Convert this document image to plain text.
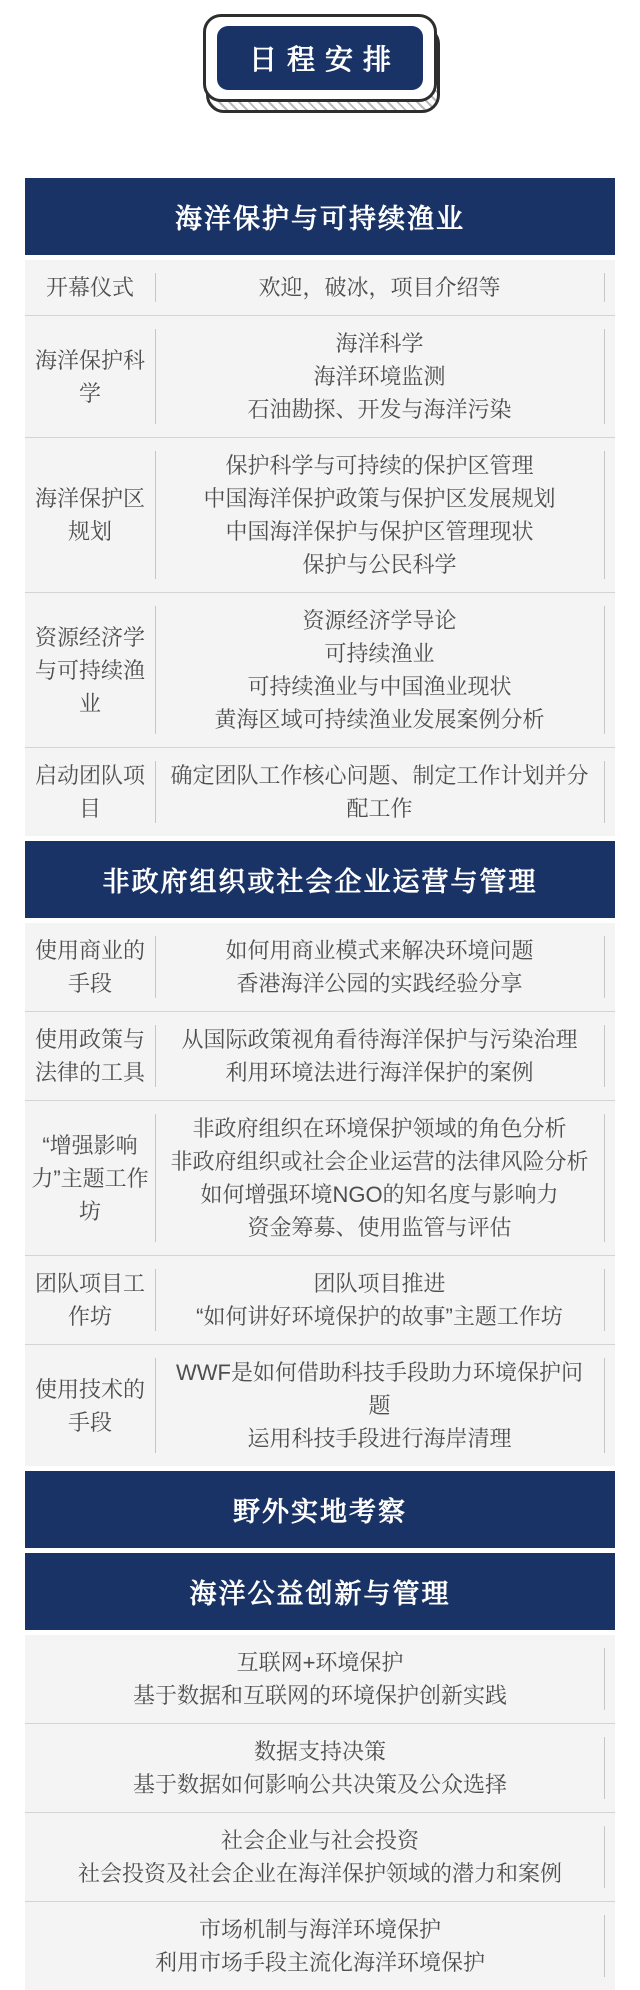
日程安排
海洋保护与可持续渔业
开幕仪式	欢迎，破冰，项目介绍等
海洋保护科学
海洋科学
海洋环境监测
石油勘探、开发与海洋污染
海洋保护区规划
保护科学与可持续的保护区管理
中国海洋保护政策与保护区发展规划
中国海洋保护与保护区管理现状
保护与公民科学
资源经济学与可持续渔业
资源经济学导论
可持续渔业
可持续渔业与中国渔业现状
黄海区域可持续渔业发展案例分析
启动团队项目
确定团队工作核心问题、制定工作计划并分配工作
非政府组织或社会企业运营与管理
使用商业的手段
如何用商业模式来解决环境问题
香港海洋公园的实践经验分享
使用政策与法律的工具
从国际政策视角看待海洋保护与污染治理
利用环境法进行海洋保护的案例
“增强影响力”主题工作坊
非政府组织在环境保护领域的角色分析
非政府组织或社会企业运营的法律风险分析
如何增强环境NGO的知名度与影响力
资金筹募、使用监管与评估
团队项目工作坊
团队项目推进
“如何讲好环境保护的故事”主题工作坊
使用技术的手段
WWF是如何借助科技手段助力环境保护问题
运用科技手段进行海岸清理
野外实地考察
海洋公益创新与管理
互联网+环境保护
基于数据和互联网的环境保护创新实践
数据支持决策
基于数据如何影响公共决策及公众选择
社会企业与社会投资
社会投资及社会企业在海洋保护领域的潜力和案例
市场机制与海洋环境保护
利用市场手段主流化海洋环境保护
